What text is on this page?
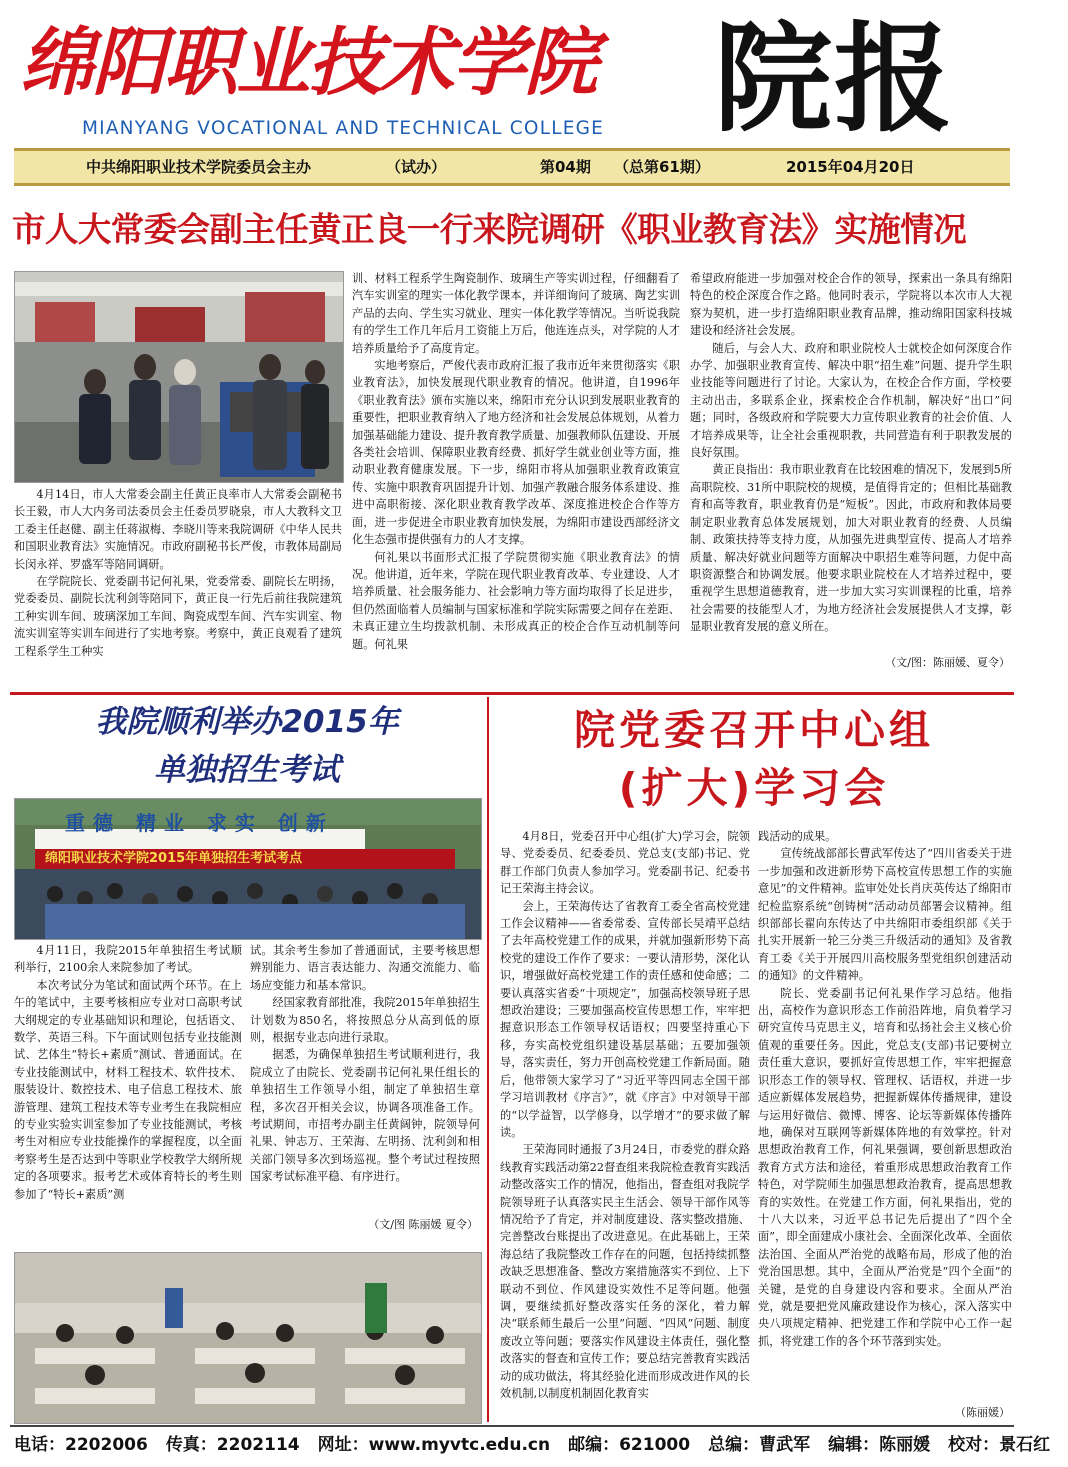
绵阳职业技术学院
MIANYANG VOCATIONAL AND TECHNICAL COLLEGE 院报
中共绵阳职业技术学院委员会主办	（试办）	第04期 （总第61期）	2015年04月20日
市人大常委会副主任黄正良一行来院调研《职业教育法》实施情况

4月14日，市人大常委会副主任黄正良率市人大常委会副秘书长王毅，市人大内务司法委员会主任委员罗晓泉，市人大教科文卫工委主任赵健、副主任蒋淑梅、李晓川等来我院调研《中华人民共和国职业教育法》实施情况。市政府副秘书长严俊，市教体局副局长闵永祥、罗盛军等陪同调研。

在学院院长、党委副书记何礼果，党委常委、副院长左明扬，党委委员、副院长沈利剑等陪同下，黄正良一行先后前往我院建筑工种实训车间、玻璃深加工车间、陶瓷成型车间、汽车实训室、物流实训室等实训车间进行了实地考察。考察中，黄正良观看了建筑工程系学生工种实

训、材料工程系学生陶瓷制作、玻璃生产等实训过程，仔细翻看了汽车实训室的理实一体化教学课本，并详细询问了玻璃、陶艺实训产品的去向、学生实习就业、理实一体化教学等情况。当听说我院有的学生工作几年后月工资能上万后，他连连点头，对学院的人才培养质量给予了高度肯定。

实地考察后，严俊代表市政府汇报了我市近年来贯彻落实《职业教育法》，加快发展现代职业教育的情况。他讲道，自1996年《职业教育法》颁布实施以来，绵阳市充分认识到发展职业教育的重要性，把职业教育纳入了地方经济和社会发展总体规划，从着力加强基础能力建设、提升教育教学质量、加强教师队伍建设、开展各类社会培训、保障职业教育经费、抓好学生就业创业等方面，推动职业教育健康发展。下一步，绵阳市将从加强职业教育政策宣传、实施中职教育巩固提升计划、加强产教融合服务体系建设、推进中高职衔接、深化职业教育教学改革、深度推进校企合作等方面，进一步促进全市职业教育加快发展，为绵阳市建设西部经济文化生态强市提供强有力的人才支撑。

何礼果以书面形式汇报了学院贯彻实施《职业教育法》的情况。他讲道，近年来，学院在现代职业教育改革、专业建设、人才培养质量、社会服务能力、社会影响力等方面均取得了长足进步，但仍然面临着人员编制与国家标准和学院实际需要之间存在差距、未真正建立生均拨款机制、未形成真正的校企合作互动机制等问题。何礼果

希望政府能进一步加强对校企合作的领导，探索出一条具有绵阳特色的校企深度合作之路。他同时表示，学院将以本次市人大视察为契机，进一步打造绵阳职业教育品牌，推动绵阳国家科技城建设和经济社会发展。

随后，与会人大、政府和职业院校人士就校企如何深度合作办学、加强职业教育宣传、解决中职“招生难”问题、提升学生职业技能等问题进行了讨论。大家认为，在校企合作方面，学校要主动出击，多联系企业，探索校企合作机制，解决好“出口”问题；同时，各级政府和学院要大力宣传职业教育的社会价值、人才培养成果等，让全社会重视职教，共同营造有利于职教发展的良好氛围。

黄正良指出：我市职业教育在比较困难的情况下，发展到5所高职院校、31所中职院校的规模，是值得肯定的；但相比基础教育和高等教育，职业教育仍是“短板”。因此，市政府和教体局要制定职业教育总体发展规划，加大对职业教育的经费、人员编制、政策扶持等支持力度，从加强先进典型宣传、提高人才培养质量、解决好就业问题等方面解决中职招生难等问题，力促中高职资源整合和协调发展。他要求职业院校在人才培养过程中，要重视学生思想道德教育，进一步加大实习实训课程的比重，培养社会需要的技能型人才，为地方经济社会发展提供人才支撑，彰显职业教育发展的意义所在。

（文/图：陈丽媛、夏令）
我院顺利举办2015年
单独招生考试
重德 精业 求实 创新
绵阳职业技术学院2015年单独招生考试考点

4月11日，我院2015年单独招生考试顺利举行，2100余人来院参加了考试。

本次考试分为笔试和面试两个环节。在上午的笔试中，主要考核相应专业对口高职考试大纲规定的专业基础知识和理论，包括语文、数学、英语三科。下午面试则包括专业技能测试、艺体生“特长+素质”测试、普通面试。在专业技能测试中，材料工程技术、软件技术、服装设计、数控技术、电子信息工程技术、旅游管理、建筑工程技术等专业考生在我院相应的专业实验实训室参加了专业技能测试，考核考生对相应专业技能操作的掌握程度，以全面考察考生是否达到中等职业学校教学大纲所规定的各项要求。报考艺术或体育特长的考生则参加了“特长+素质”测

试。其余考生参加了普通面试，主要考核思想辨别能力、语言表达能力、沟通交流能力、临场应变能力和基本常识。

经国家教育部批准，我院2015年单独招生计划数为850名，将按照总分从高到低的原则，根据专业志向进行录取。

据悉，为确保单独招生考试顺利进行，我院成立了由院长、党委副书记何礼果任组长的单独招生工作领导小组，制定了单独招生章程，多次召开相关会议，协调各项准备工作。考试期间，市招考办副主任黄阔钟，院领导何礼果、钟志万、王荣海、左明扬、沈利剑和相关部门领导多次到场巡视。整个考试过程按照国家考试标准平稳、有序进行。

（文/图 陈丽媛 夏令）
院党委召开中心组
(扩大)学习会

4月8日，党委召开中心组(扩大)学习会，院领导、党委委员、纪委委员、党总支(支部)书记、党群工作部门负责人参加学习。党委副书记、纪委书记王荣海主持会议。

会上，王荣海传达了省教育工委全省高校党建工作会议精神——省委常委、宣传部长吴靖平总结了去年高校党建工作的成果，并就加强新形势下高校党的建设工作作了要求：一要认清形势，深化认识，增强做好高校党建工作的责任感和使命感；二要认真落实省委“十项规定”，加强高校领导班子思想政治建设；三要加强高校宣传思想工作，牢牢把握意识形态工作领导权话语权；四要坚持重心下移，夯实高校党组织建设基层基础；五要加强领导，落实责任，努力开创高校党建工作新局面。随后，他带领大家学习了“习近平等四同志全国干部学习培训教材《序言》”，就《序言》中对领导干部的“以学益智，以学修身，以学增才”的要求做了解读。

王荣海同时通报了3月24日，市委党的群众路线教育实践活动第22督查组来我院检查教育实践活动整改落实工作的情况，他指出，督查组对我院学院领导班子认真落实民主生活会、领导干部作风等情况给予了肯定，并对制度建设、落实整改措施、完善整改台账提出了改进意见。在此基础上，王荣海总结了我院整改工作存在的问题，包括持续抓整改缺乏思想准备、整改方案措施落实不到位、上下联动不到位、作风建设实效性不足等问题。他强调，要继续抓好整改落实任务的深化，着力解决“联系师生最后一公里”问题、“四风”问题、制度废改立等问题；要落实作风建设主体责任，强化整改落实的督查和宣传工作；要总结完善教育实践活动的成功做法，将其经验化进而形成改进作风的长效机制,以制度机制固化教育实

践活动的成果。

宣传统战部部长曹武军传达了“四川省委关于进一步加强和改进新形势下高校宣传思想工作的实施意见”的文件精神。监审处处长肖庆英传达了绵阳市纪检监察系统“创铸树”活动动员部署会议精神。组织部部长翟向东传达了中共绵阳市委组织部《关于扎实开展新一轮三分类三升级活动的通知》及省教育工委《关于开展四川高校服务型党组织创建活动的通知》的文件精神。

院长、党委副书记何礼果作学习总结。他指出，高校作为意识形态工作前沿阵地，肩负着学习研究宣传马克思主义，培育和弘扬社会主义核心价值观的重要任务。因此，党总支(支部)书记要树立责任重大意识，要抓好宣传思想工作，牢牢把握意识形态工作的领导权、管理权、话语权，并进一步适应新媒体发展趋势，把握新媒体传播规律，建设与运用好微信、微博、博客、论坛等新媒体传播阵地，确保对互联网等新媒体阵地的有效掌控。针对思想政治教育工作，何礼果强调，要创新思想政治教育方式方法和途径，着重形成思想政治教育工作特色，对学院师生加强思想政治教育，提高思想教育的实效性。在党建工作方面，何礼果指出，党的十八大以来，习近平总书记先后提出了“四个全面”，即全面建成小康社会、全面深化改革、全面依法治国、全面从严治党的战略布局，形成了他的治党治国思想。其中，全面从严治党是“四个全面”的关键，是党的自身建设内容和要求。全面从严治党，就是要把党风廉政建设作为核心，深入落实中央八项规定精神、把党建工作和学院中心工作一起抓，将党建工作的各个环节落到实处。

（陈丽媛）
电话：2202006 传真：2202114 网址：www.myvtc.edu.cn 邮编：621000 总编：曹武军 编辑：陈丽媛 校对：景石红
